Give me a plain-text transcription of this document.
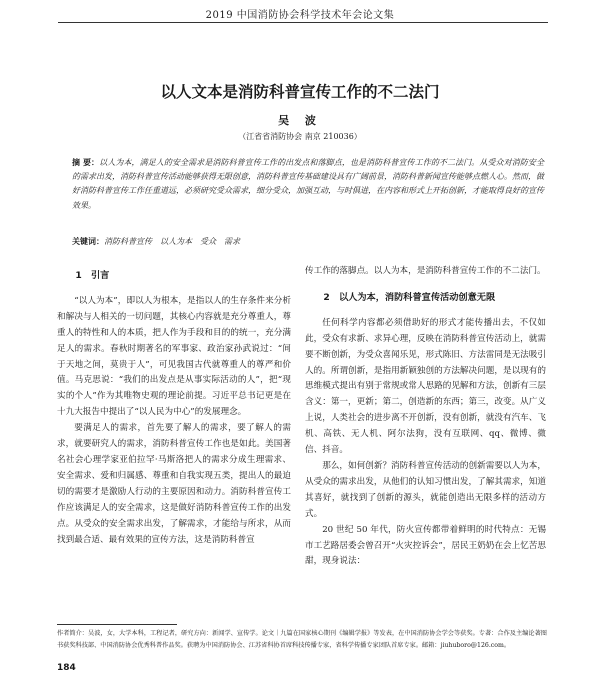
2019 中国消防协会科学技术年会论文集
以人文本是消防科普宣传工作的不二法门
吴 波
（江省省消防协会 南京 210036）
摘 要：以人为本，满足人的安全需求是消防科普宣传工作的出发点和落脚点，也是消防科普宣传工作的不二法门。从受众对消防安全的需求出发，消防科普宣传活动能够获得无限创意，消防科普宣传基础建设具有广阔前景，消防科普新闻宣传能够点燃人心。然而，做好消防科普宣传工作任重道远，必须研究受众需求，细分受众，加强互动，与时俱进，在内容和形式上开拓创新，才能取得良好的宣传效果。
关键词：消防科普宣传　以人为本　受众　需求

1　引言

“以人为本”，即以人为根本，是指以人的生存条件来分析和解决与人相关的一切问题，其核心内容就是充分尊重人，尊重人的特性和人的本质，把人作为手段和目的的统一，充分满足人的需求。春秋时期著名的军事家、政治家孙武说过：“间于天地之间，莫贵于人”，可见我国古代就尊重人的尊严和价值。马克思说：“我们的出发点是从事实际活动的人”，把“现实的个人”作为其唯物史观的理论前提。习近平总书记更是在十九大报告中提出了“以人民为中心”的发展理念。

要满足人的需求，首先要了解人的需求，要了解人的需求，就要研究人的需求，消防科普宣传工作也是如此。美国著名社会心理学家亚伯拉罕·马斯洛把人的需求分成生理需求、安全需求、爱和归属感、尊重和自我实现五类，提出人的最迫切的需要才是激励人行动的主要原因和动力。消防科普宣传工作应该满足人的安全需求，这是做好消防科普宣传工作的出发点。从受众的安全需求出发，了解需求，才能给与所求，从而找到最合适、最有效果的宣传方法，这是消防科普宣

传工作的落脚点。以人为本，是消防科普宣传工作的不二法门。

2　以人为本，消防科普宣传活动创意无限

任何科学内容都必须借助好的形式才能传播出去，不仅如此，受众有求新、求异心理，反映在消防科普宣传活动上，就需要不断创新，为受众喜闻乐见，形式陈旧、方法雷同是无法吸引人的。所谓创新，是指用新颖独创的方法解决问题，是以现有的思维模式提出有别于常规或常人思路的见解和方法，创新有三层含义：第一，更新；第二，创造新的东西；第三，改变。从广义上说，人类社会的进步离不开创新，没有创新，就没有汽车、飞机、高铁、无人机、阿尔法狗，没有互联网、qq、微博、微信、抖音。

那么，如何创新？消防科普宣传活动的创新需要以人为本，从受众的需求出发，从他们的认知习惯出发，了解其需求，知道其喜好，就找到了创新的源头，就能创造出无限多样的活动方式。

20 世纪 50 年代，防火宣传都带着鲜明的时代特点：无锡市工艺路居委会曾召开“火灾控诉会”，居民王奶奶在会上忆苦思甜，现身说法：

作者简介：吴波，女，大学本科，工程记者，研究方向：新闻学、宣传学。论文｜九篇在国家核心期刊《编辑学报》等发表，在中国消防协会学会等获奖。专著：合作及主编论著图书获奖科技部、中国消防协会优秀科普作品奖。获聘为中国消防协会、江苏省科协首席科技传播专家，省科学传播专家团队首席专家。邮箱：jiuhuboro@126.com。
184
